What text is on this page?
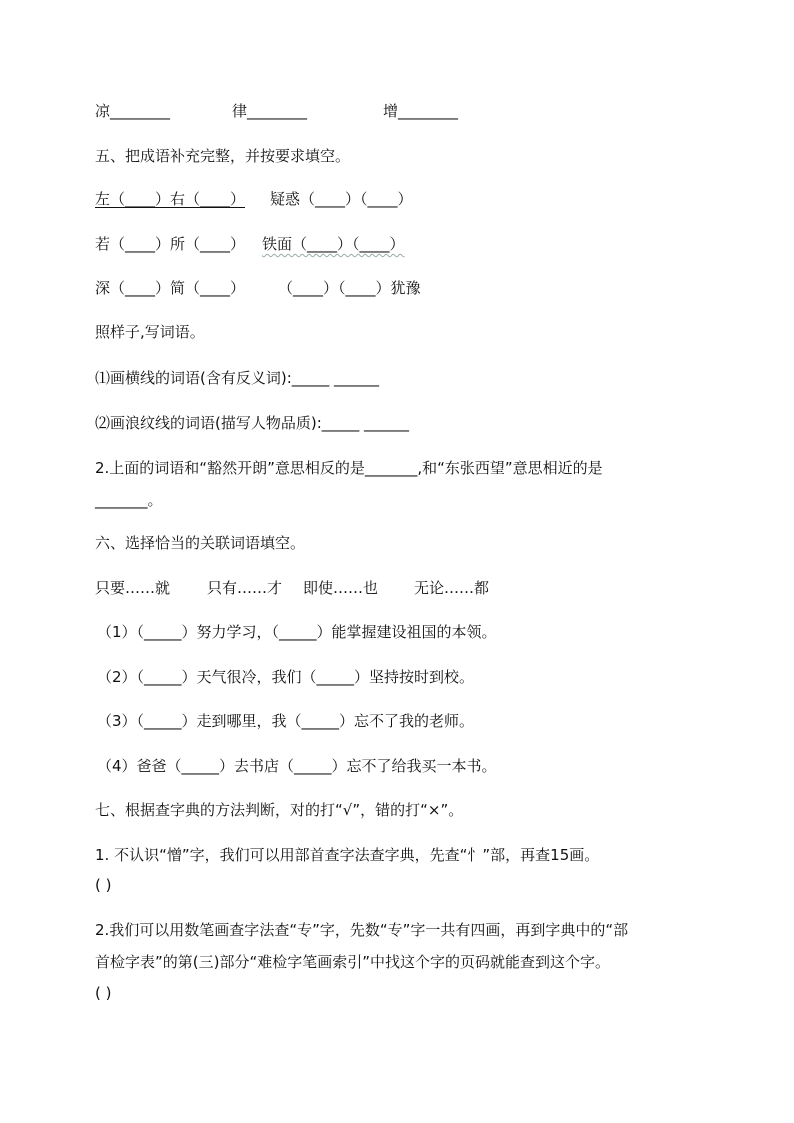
凉________	律________	增________
五、把成语补充完整，并按要求填空。
左（____）右（____） 疑惑（____）（____）
若（____）所（____） 铁面（____）（____）
深（____）简（____） （____）（____）犹豫
照样子,写词语。
⑴画横线的词语(含有反义词):_____ ______
⑵画浪纹线的词语(描写人物品质):_____ ______
2.上面的词语和“豁然开朗”意思相反的是_______,和“东张西望”意思相近的是
_______。
六、选择恰当的关联词语填空。
只要……就 只有……才 即使……也 无论……都
（1）（_____）努力学习，（_____）能掌握建设祖国的本领。
（2）（_____）天气很冷，我们（_____）坚持按时到校。
（3）（_____）走到哪里，我（_____）忘不了我的老师。
（4）爸爸（_____）去书店（_____）忘不了给我买一本书。
七、根据查字典的方法判断，对的打“√”，错的打“×”。
1. 不认识“憎”字，我们可以用部首查字法查字典，先查“忄”部，再查15画。
( )
2.我们可以用数笔画查字法查“专”字，先数“专”字一共有四画，再到字典中的“部
首检字表”的第(三)部分“难检字笔画索引”中找这个字的页码就能查到这个字。
( )
